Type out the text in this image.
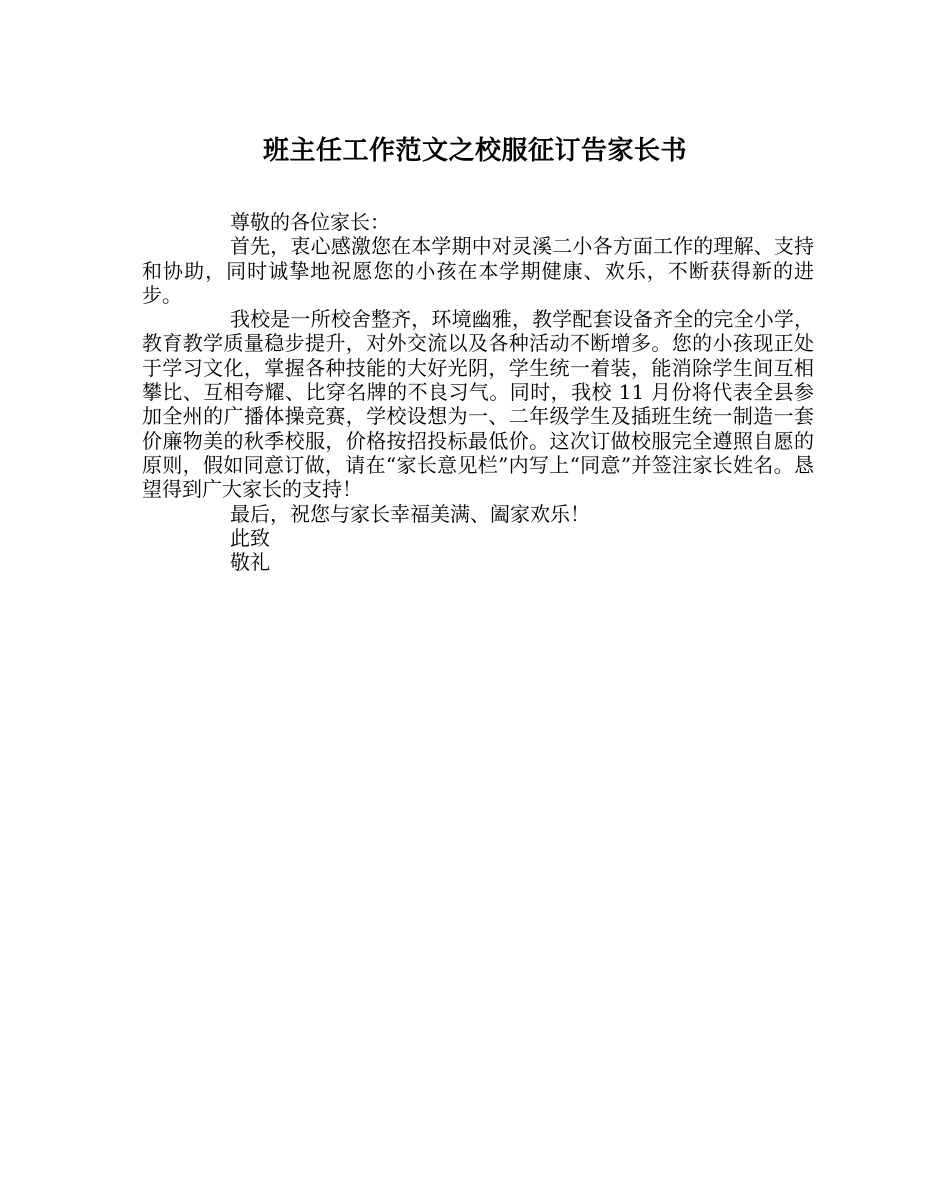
班主任工作范文之校服征订告家长书

尊敬的各位家长：

首先，衷心感激您在本学期中对灵溪二小各方面工作的理解、支持和协助，同时诚挚地祝愿您的小孩在本学期健康、欢乐，不断获得新的进步。

我校是一所校舍整齐，环境幽雅，教学配套设备齐全的完全小学，教育教学质量稳步提升，对外交流以及各种活动不断增多。您的小孩现正处于学习文化，掌握各种技能的大好光阴，学生统一着装，能消除学生间互相攀比、互相夸耀、比穿名牌的不良习气。同时，我校 11 月份将代表全县参加全州的广播体操竞赛，学校设想为一、二年级学生及插班生统一制造一套价廉物美的秋季校服，价格按招投标最低价。这次订做校服完全遵照自愿的原则，假如同意订做，请在“家长意见栏”内写上“同意”并签注家长姓名。恳望得到广大家长的支持！

最后，祝您与家长幸福美满、阖家欢乐！

此致

敬礼
